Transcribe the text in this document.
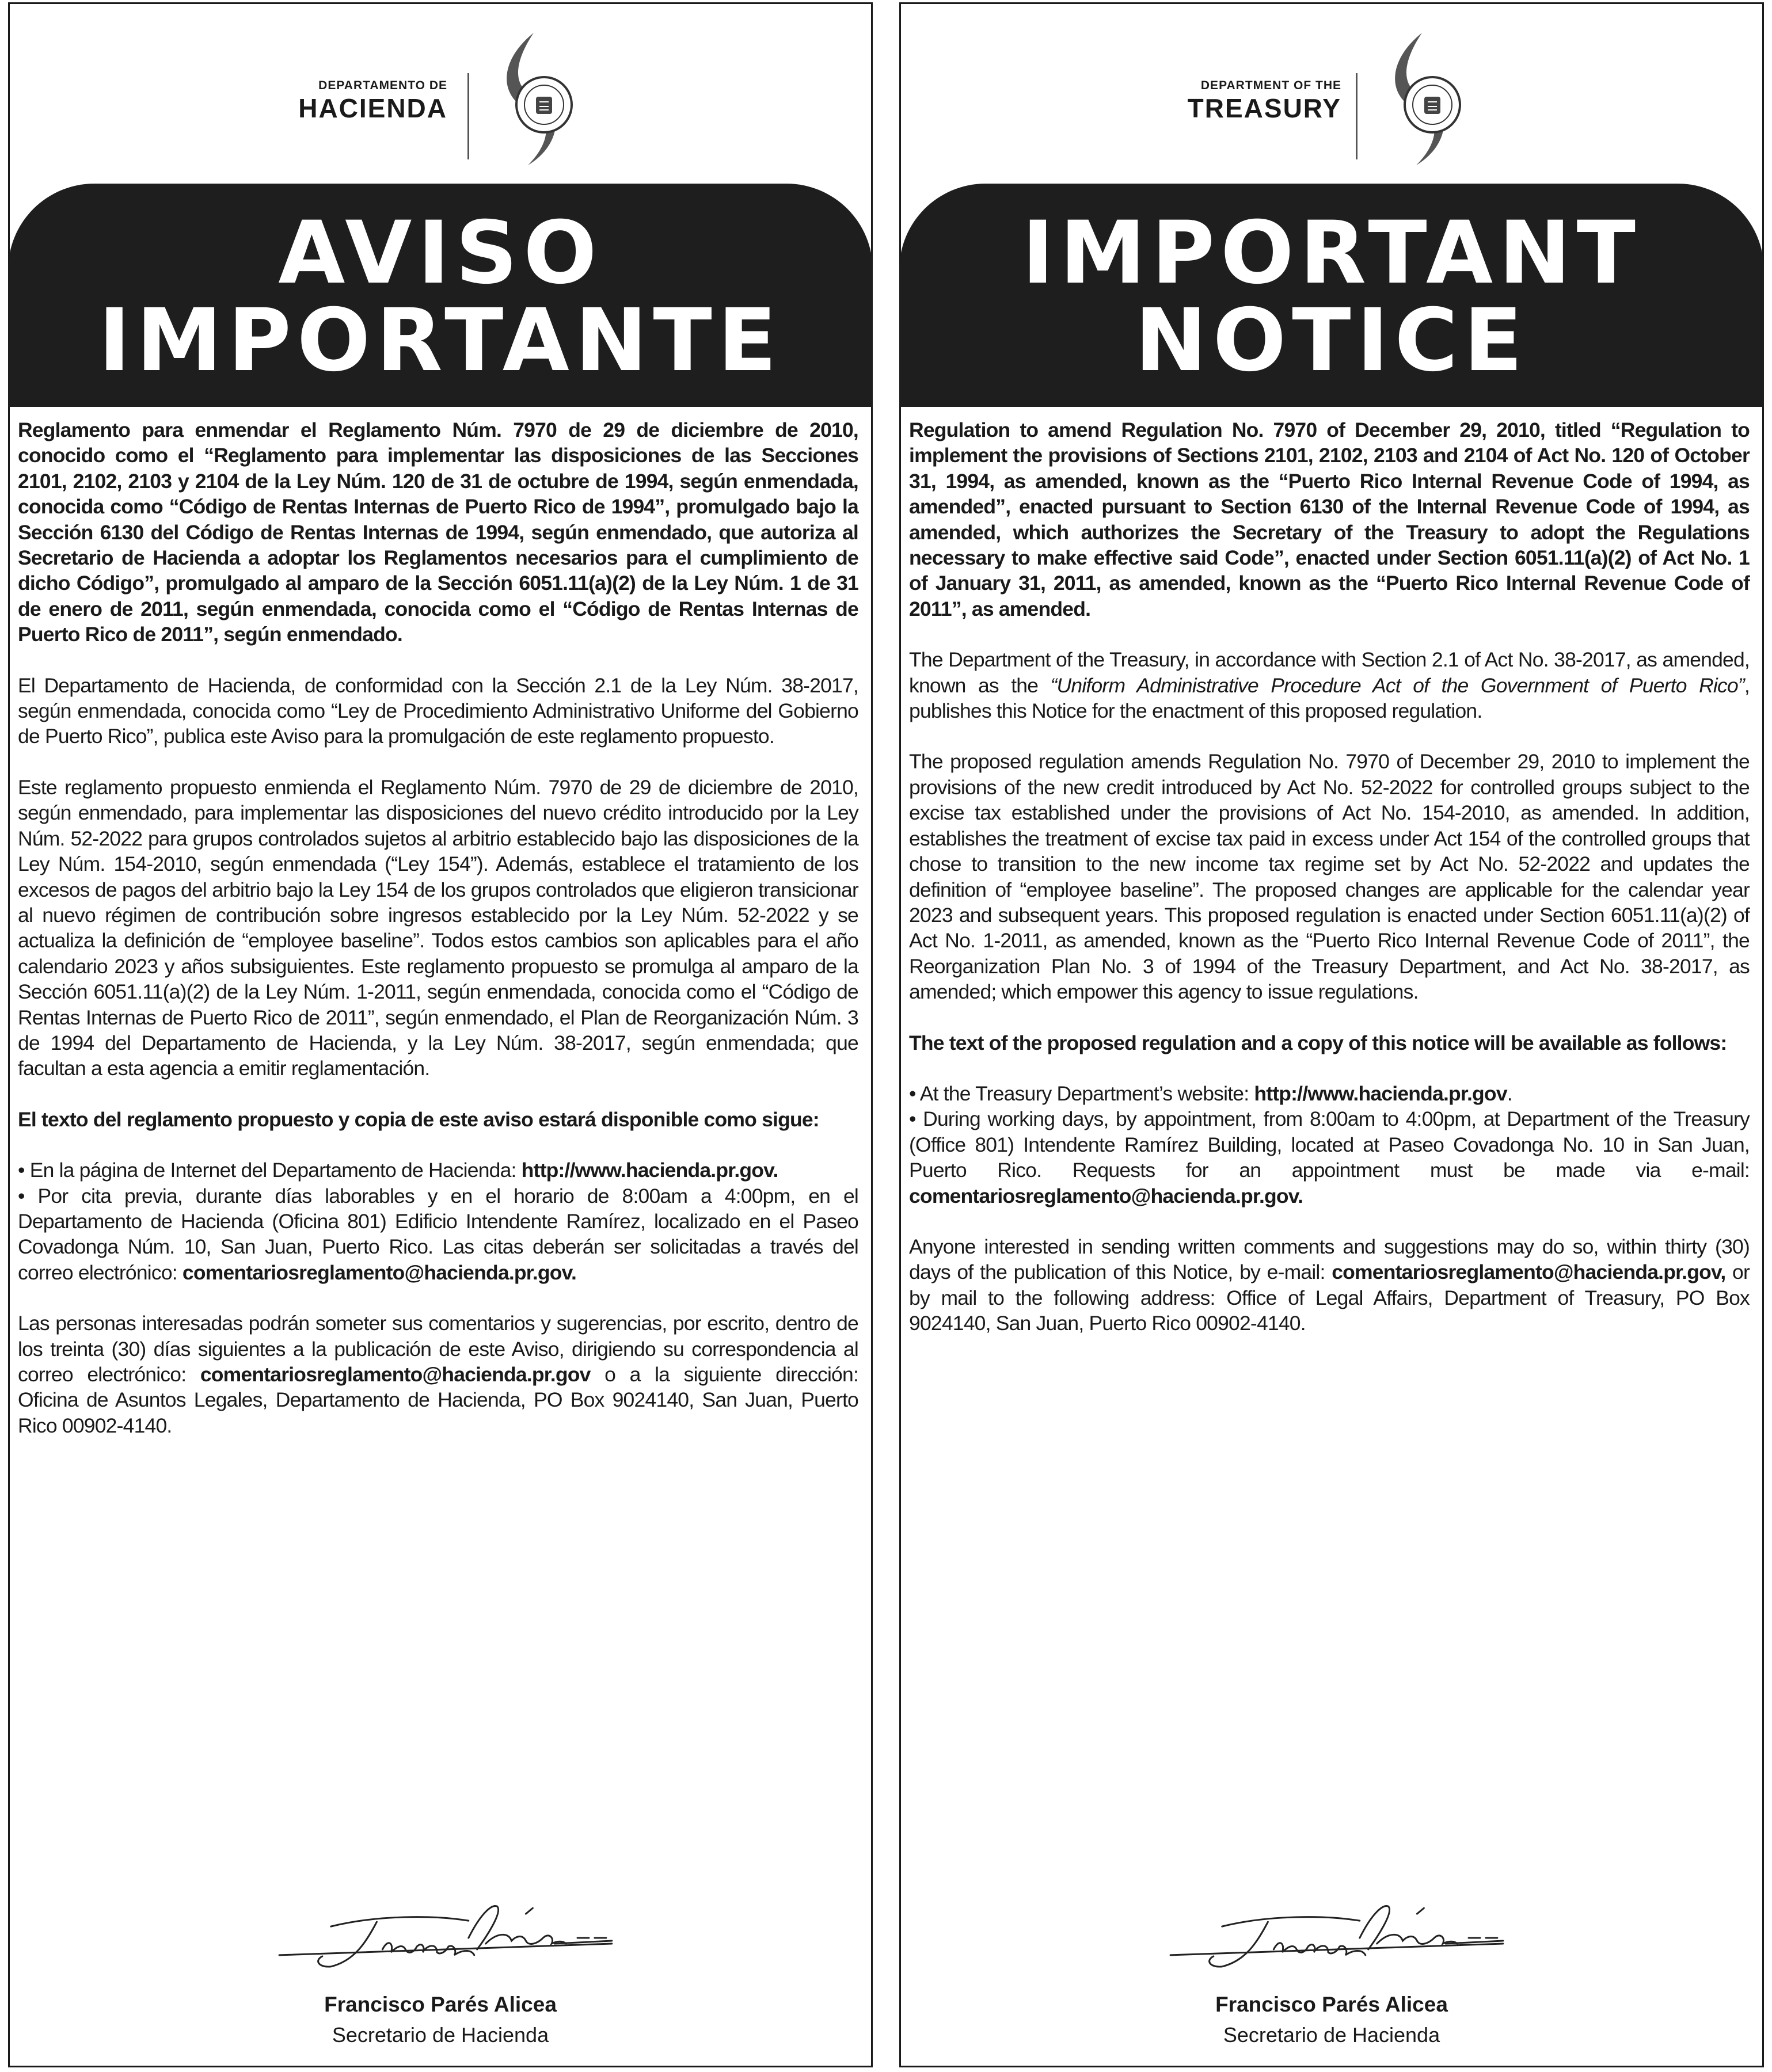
DEPARTAMENTO DE
HACIENDA
AVISO
IMPORTANTE

Reglamento para enmendar el Reglamento Núm. 7970 de 29 de diciembre de 2010, conocido como el “Reglamento para implementar las disposiciones de las Secciones 2101, 2102, 2103 y 2104 de la Ley Núm. 120 de 31 de octubre de 1994, según enmendada, conocida como “Código de Rentas Internas de Puerto Rico de 1994”, promulgado bajo la Sección 6130 del Código de Rentas Internas de 1994, según enmendado, que autoriza al Secretario de Hacienda a adoptar los Reglamentos necesarios para el cumplimiento de dicho Código”, promulgado al amparo de la Sección 6051.11(a)(2) de la Ley Núm. 1 de 31 de enero de 2011, según enmendada, conocida como el “Código de Rentas Internas de Puerto Rico de 2011”, según enmendado.

El Departamento de Hacienda, de conformidad con la Sección 2.1 de la Ley Núm. 38-2017, según enmendada, conocida como “Ley de Procedimiento Administrativo Uniforme del Gobierno de Puerto Rico”, publica este Aviso para la promulgación de este reglamento propuesto.

Este reglamento propuesto enmienda el Reglamento Núm. 7970 de 29 de diciembre de 2010, según enmendado, para implementar las disposiciones del nuevo crédito introducido por la Ley Núm. 52-2022 para grupos controlados sujetos al arbitrio establecido bajo las disposiciones de la Ley Núm. 154-2010, según enmendada (“Ley 154”). Además, establece el tratamiento de los excesos de pagos del arbitrio bajo la Ley 154 de los grupos controlados que eligieron transicionar al nuevo régimen de contribución sobre ingresos establecido por la Ley Núm. 52-2022 y se actualiza la definición de “employee baseline”. Todos estos cambios son aplicables para el año calendario 2023 y años subsiguientes. Este reglamento propuesto se promulga al amparo de la Sección 6051.11(a)(2) de la Ley Núm. 1-2011, según enmendada, conocida como el “Código de Rentas Internas de Puerto Rico de 2011”, según enmendado, el Plan de Reorganización Núm. 3 de 1994 del Departamento de Hacienda, y la Ley Núm. 38-2017, según enmendada; que facultan a esta agencia a emitir reglamentación.

El texto del reglamento propuesto y copia de este aviso estará disponible como sigue:

• En la página de Internet del Departamento de Hacienda: http://www.hacienda.pr.gov.

• Por cita previa, durante días laborables y en el horario de 8:00am a 4:00pm, en el Departamento de Hacienda (Oficina 801) Edificio Intendente Ramírez, localizado en el Paseo Covadonga Núm. 10, San Juan, Puerto Rico. Las citas deberán ser solicitadas a través del correo electrónico: comentariosreglamento@hacienda.pr.gov.

Las personas interesadas podrán someter sus comentarios y sugerencias, por escrito, dentro de los treinta (30) días siguientes a la publicación de este Aviso, dirigiendo su correspondencia al correo electrónico: comentariosreglamento@hacienda.pr.gov o a la siguiente dirección: Oficina de Asuntos Legales, Departamento de Hacienda, PO Box 9024140, San Juan, Puerto Rico 00902-4140.

Francisco Parés Alicea
Secretario de Hacienda
DEPARTMENT OF THE
TREASURY
IMPORTANT
NOTICE

Regulation to amend Regulation No. 7970 of December 29, 2010, titled “Regulation to implement the provisions of Sections 2101, 2102, 2103 and 2104 of Act No. 120 of October 31, 1994, as amended, known as the “Puerto Rico Internal Revenue Code of 1994, as amended”, enacted pursuant to Section 6130 of the Internal Revenue Code of 1994, as amended, which authorizes the Secretary of the Treasury to adopt the Regulations necessary to make effective said Code”, enacted under Section 6051.11(a)(2) of Act No. 1 of January 31, 2011, as amended, known as the “Puerto Rico Internal Revenue Code of 2011”, as amended.

The Department of the Treasury, in accordance with Section 2.1 of Act No. 38-2017, as amended, known as the “Uniform Administrative Procedure Act of the Government of Puerto Rico”, publishes this Notice for the enactment of this proposed regulation.

The proposed regulation amends Regulation No. 7970 of December 29, 2010 to implement the provisions of the new credit introduced by Act No. 52-2022 for controlled groups subject to the excise tax established under the provisions of Act No. 154-2010, as amended. In addition, establishes the treatment of excise tax paid in excess under Act 154 of the controlled groups that chose to transition to the new income tax regime set by Act No. 52-2022 and updates the definition of “employee baseline”. The proposed changes are applicable for the calendar year 2023 and subsequent years. This proposed regulation is enacted under Section 6051.11(a)(2) of Act No. 1-2011, as amended, known as the “Puerto Rico Internal Revenue Code of 2011”, the Reorganization Plan No. 3 of 1994 of the Treasury Department, and Act No. 38-2017, as amended; which empower this agency to issue regulations.

The text of the proposed regulation and a copy of this notice will be available as follows:

• At the Treasury Department’s website: http://www.hacienda.pr.gov.

• During working days, by appointment, from 8:00am to 4:00pm, at Department of the Treasury (Office 801) Intendente Ramírez Building, located at Paseo Covadonga No. 10 in San Juan, Puerto Rico. Requests for an appointment must be made via e-mail: comentariosreglamento@hacienda.pr.gov.

Anyone interested in sending written comments and suggestions may do so, within thirty (30) days of the publication of this Notice, by e-mail: comentariosreglamento@hacienda.pr.gov, or by mail to the following address: Office of Legal Affairs, Department of Treasury, PO Box 9024140, San Juan, Puerto Rico 00902-4140.

Francisco Parés Alicea
Secretario de Hacienda
